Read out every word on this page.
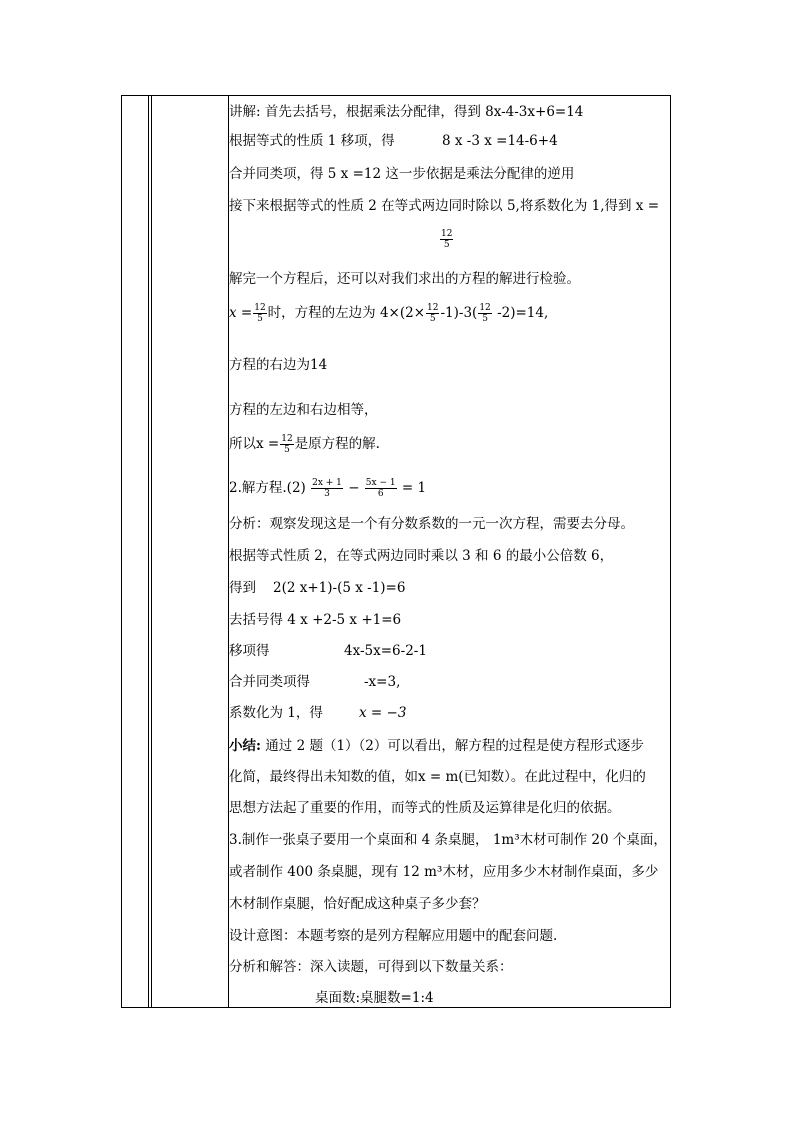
讲解: 首先去括号，根据乘法分配律，得到 8x-4-3x+6=14
根据等式的性质 1 移项，得	8 x -3 x =14-6+4
合并同类项，得 5 x =12 这一步依据是乘法分配律的逆用
接下来根据等式的性质 2 在等式两边同时除以 5,将系数化为 1,得到 x =
$\frac{12}{5}$
解完一个方程后，还可以对我们求出的方程的解进行检验。
$x = \frac{12}{5}$ 时，方程的左边为 $4\times(2\times \frac{12}{5} -1)-3( \frac{12}{5} -2)=14$,
方程的右边为14
方程的左边和右边相等，
所以$x = \frac{12}{5}$ 是原方程的解.
2.解方程$.(2) \frac{2x + 1}{3} - \frac{5x - 1}{6} = 1$
分析：观察发现这是一个有分数系数的一元一次方程，需要去分母。
根据等式性质 2，在等式两边同时乘以 3 和 6 的最小公倍数 6，
得到 2(2 x+1)-(5 x -1)=6
去括号得 4 x +2-5 x +1=6
移项得	4x-5x=6-2-1
合并同类项得	-x=3,
系数化为 1，得	x = −3
小结: 通过 2 题（1）（2）可以看出，解方程的过程是使方程形式逐步
化简，最终得出未知数的值，如x = m(已知数）。在此过程中，化归的
思想方法起了重要的作用，而等式的性质及运算律是化归的依据。
3.制作一张桌子要用一个桌面和 4 条桌腿， 1m³木材可制作 20 个桌面，
或者制作 400 条桌腿，现有 12 m³木材，应用多少木材制作桌面，多少
木材制作桌腿，恰好配成这种桌子多少套？
设计意图：本题考察的是列方程解应用题中的配套问题.
分析和解答：深入读题，可得到以下数量关系：
桌面数:桌腿数=1:4
